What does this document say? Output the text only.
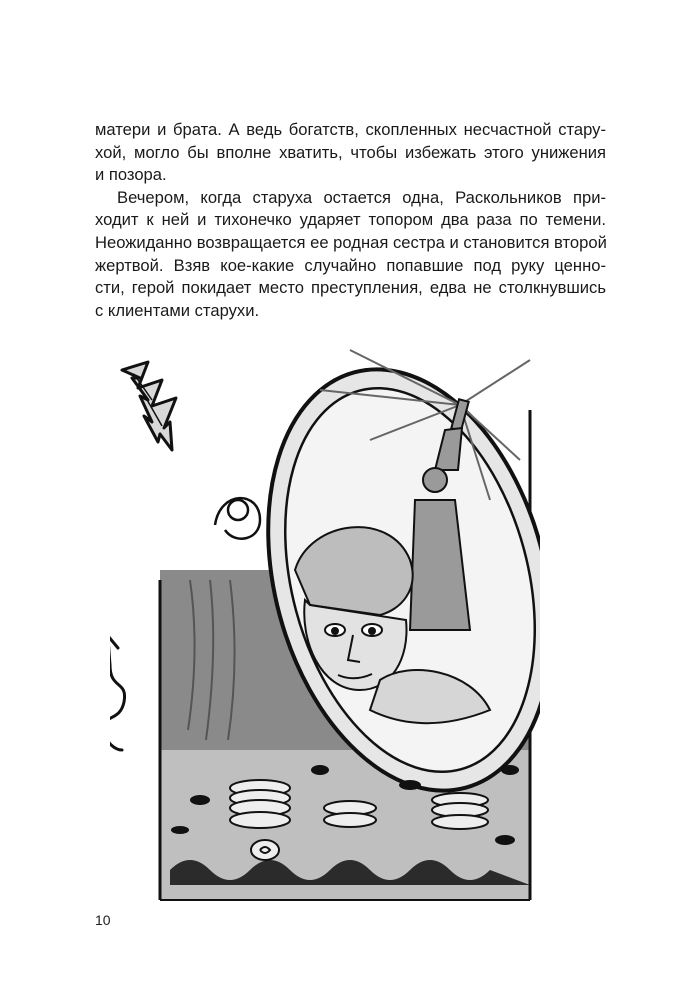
матери и брата. А ведь богатств, скопленных несчастной стару-
хой, могло бы вполне хватить, чтобы избежать этого унижения
и позора.
Вечером, когда старуха остается одна, Раскольников при-
ходит к ней и тихонечко ударяет топором два раза по темени.
Неожиданно возвращается ее родная сестра и становится второй
жертвой. Взяв кое-какие случайно попавшие под руку ценно-
сти, герой покидает место преступления, едва не столкнувшись
с клиентами старухи.
10
